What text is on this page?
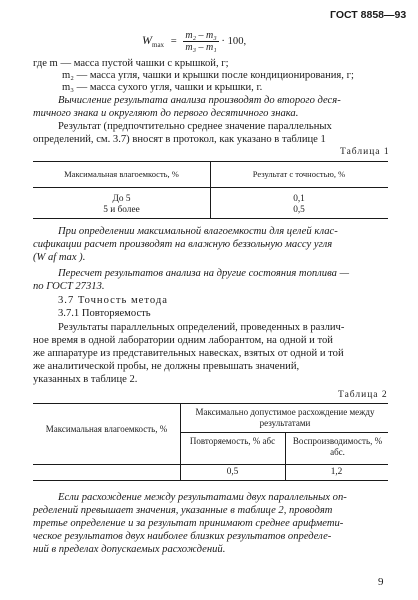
ГОСТ 8858—93
$W_{max} = \frac{\text{m₂ – m₃}}{\text{m₃ – m₁}} \cdot 100$,
где m — масса пустой чашки с крышкой, г;
m₂ — масса угля, чашки и крышки после кондиционирования, г;
m₃ — масса сухого угля, чашки и крышки, г.
Вычисление результата анализа производят до второго деся-
тичного знака и округляют до первого десятичного знака.
Результат (предпочтительно среднее значение параллельных
определений, см. 3.7) вносят в протокол, как указано в таблице 1
Таблица 1
Максимальная влагоемкость, %	Результат с точностью, %
До 5	0,1
5 и более	0,5
При определении максимальной влагоемкости для целей клас-
сификации расчет производят на влажную беззольную массу угля
(W af max ).
Пересчет результатов анализа на другие состояния топлива —
по ГОСТ 27313.
3.7 Точность метода
3.7.1 Повторяемость
Результаты параллельных определений, проведенных в различ-
ное время в одной лаборатории одним лаборантом, на одной и той
же аппаратуре из представительных навесках, взятых от одной и той
же аналитической пробы, не должны превышать значений,
указанных в таблице 2.
Таблица 2
Максимальная влагоемкость, %
Максимально допустимое расхождение между результатами
Повторяемость, % абс	Воспроизводимость, % абс.
0,5	1,2
Если расхождение между результатами двух параллельных оп-
ределений превышает значения, указанные в таблице 2, проводят
третье определение и за результат принимают среднее арифмети-
ческое результатов двух наиболее близких результатов определе-
ний в пределах допускаемых расхождений.
9
